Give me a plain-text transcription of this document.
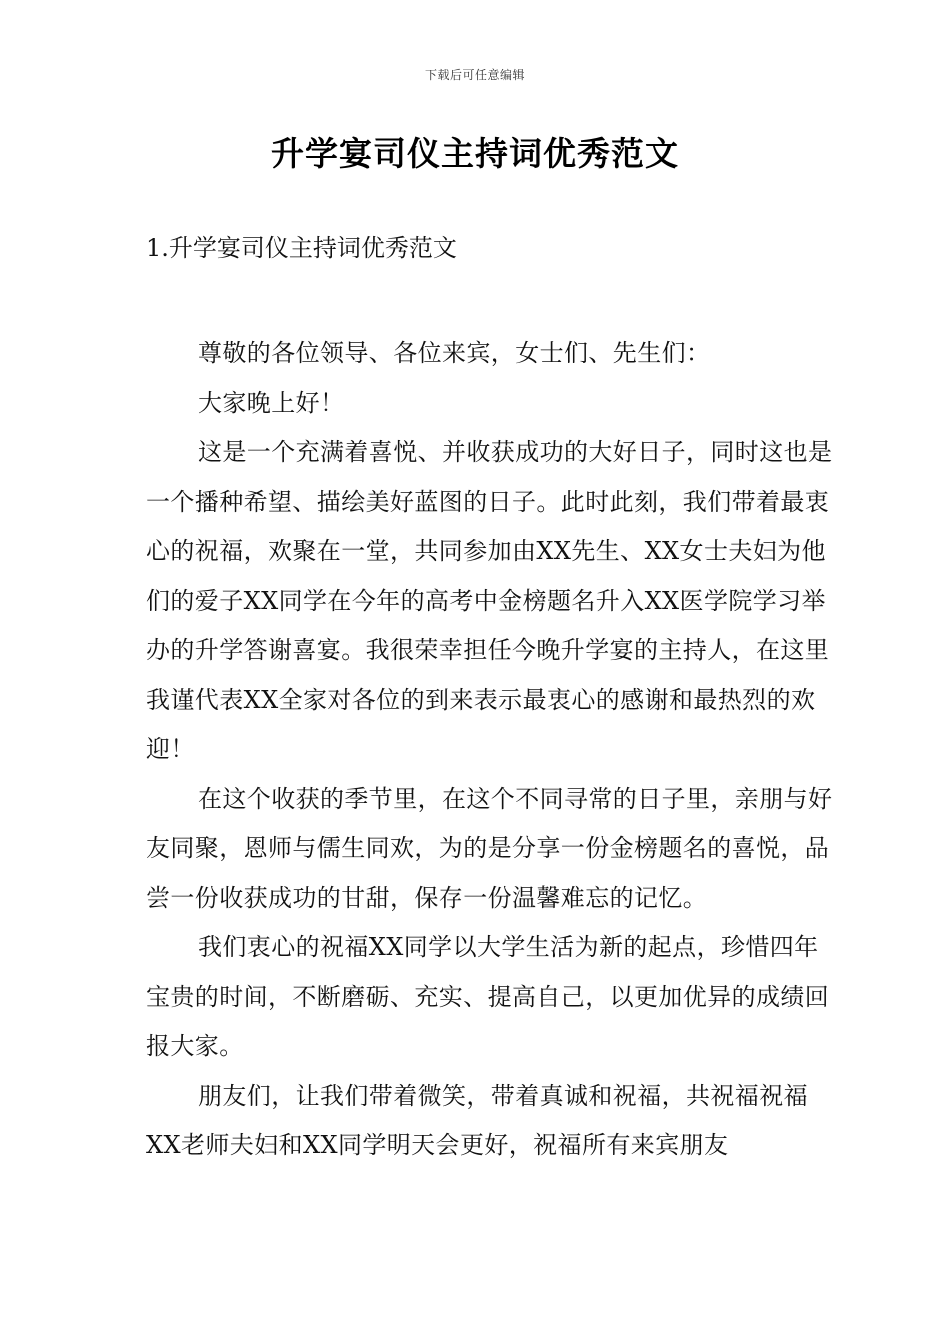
下载后可任意编辑
升学宴司仪主持词优秀范文
1.升学宴司仪主持词优秀范文

尊敬的各位领导、各位来宾，女士们、先生们：

大家晚上好！

这是一个充满着喜悦、并收获成功的大好日子，同时这也是一个播种希望、描绘美好蓝图的日子。此时此刻，我们带着最衷心的祝福，欢聚在一堂，共同参加由XX先生、XX女士夫妇为他们的爱子XX同学在今年的高考中金榜题名升入XX医学院学习举办的升学答谢喜宴。我很荣幸担任今晚升学宴的主持人，在这里我谨代表XX全家对各位的到来表示最衷心的感谢和最热烈的欢迎！

在这个收获的季节里，在这个不同寻常的日子里，亲朋与好友同聚，恩师与儒生同欢，为的是分享一份金榜题名的喜悦，品尝一份收获成功的甘甜，保存一份温馨难忘的记忆。

我们衷心的祝福XX同学以大学生活为新的起点，珍惜四年宝贵的时间，不断磨砺、充实、提高自己，以更加优异的成绩回报大家。

朋友们，让我们带着微笑，带着真诚和祝福，共祝福祝福XX老师夫妇和XX同学明天会更好，祝福所有来宾朋友
